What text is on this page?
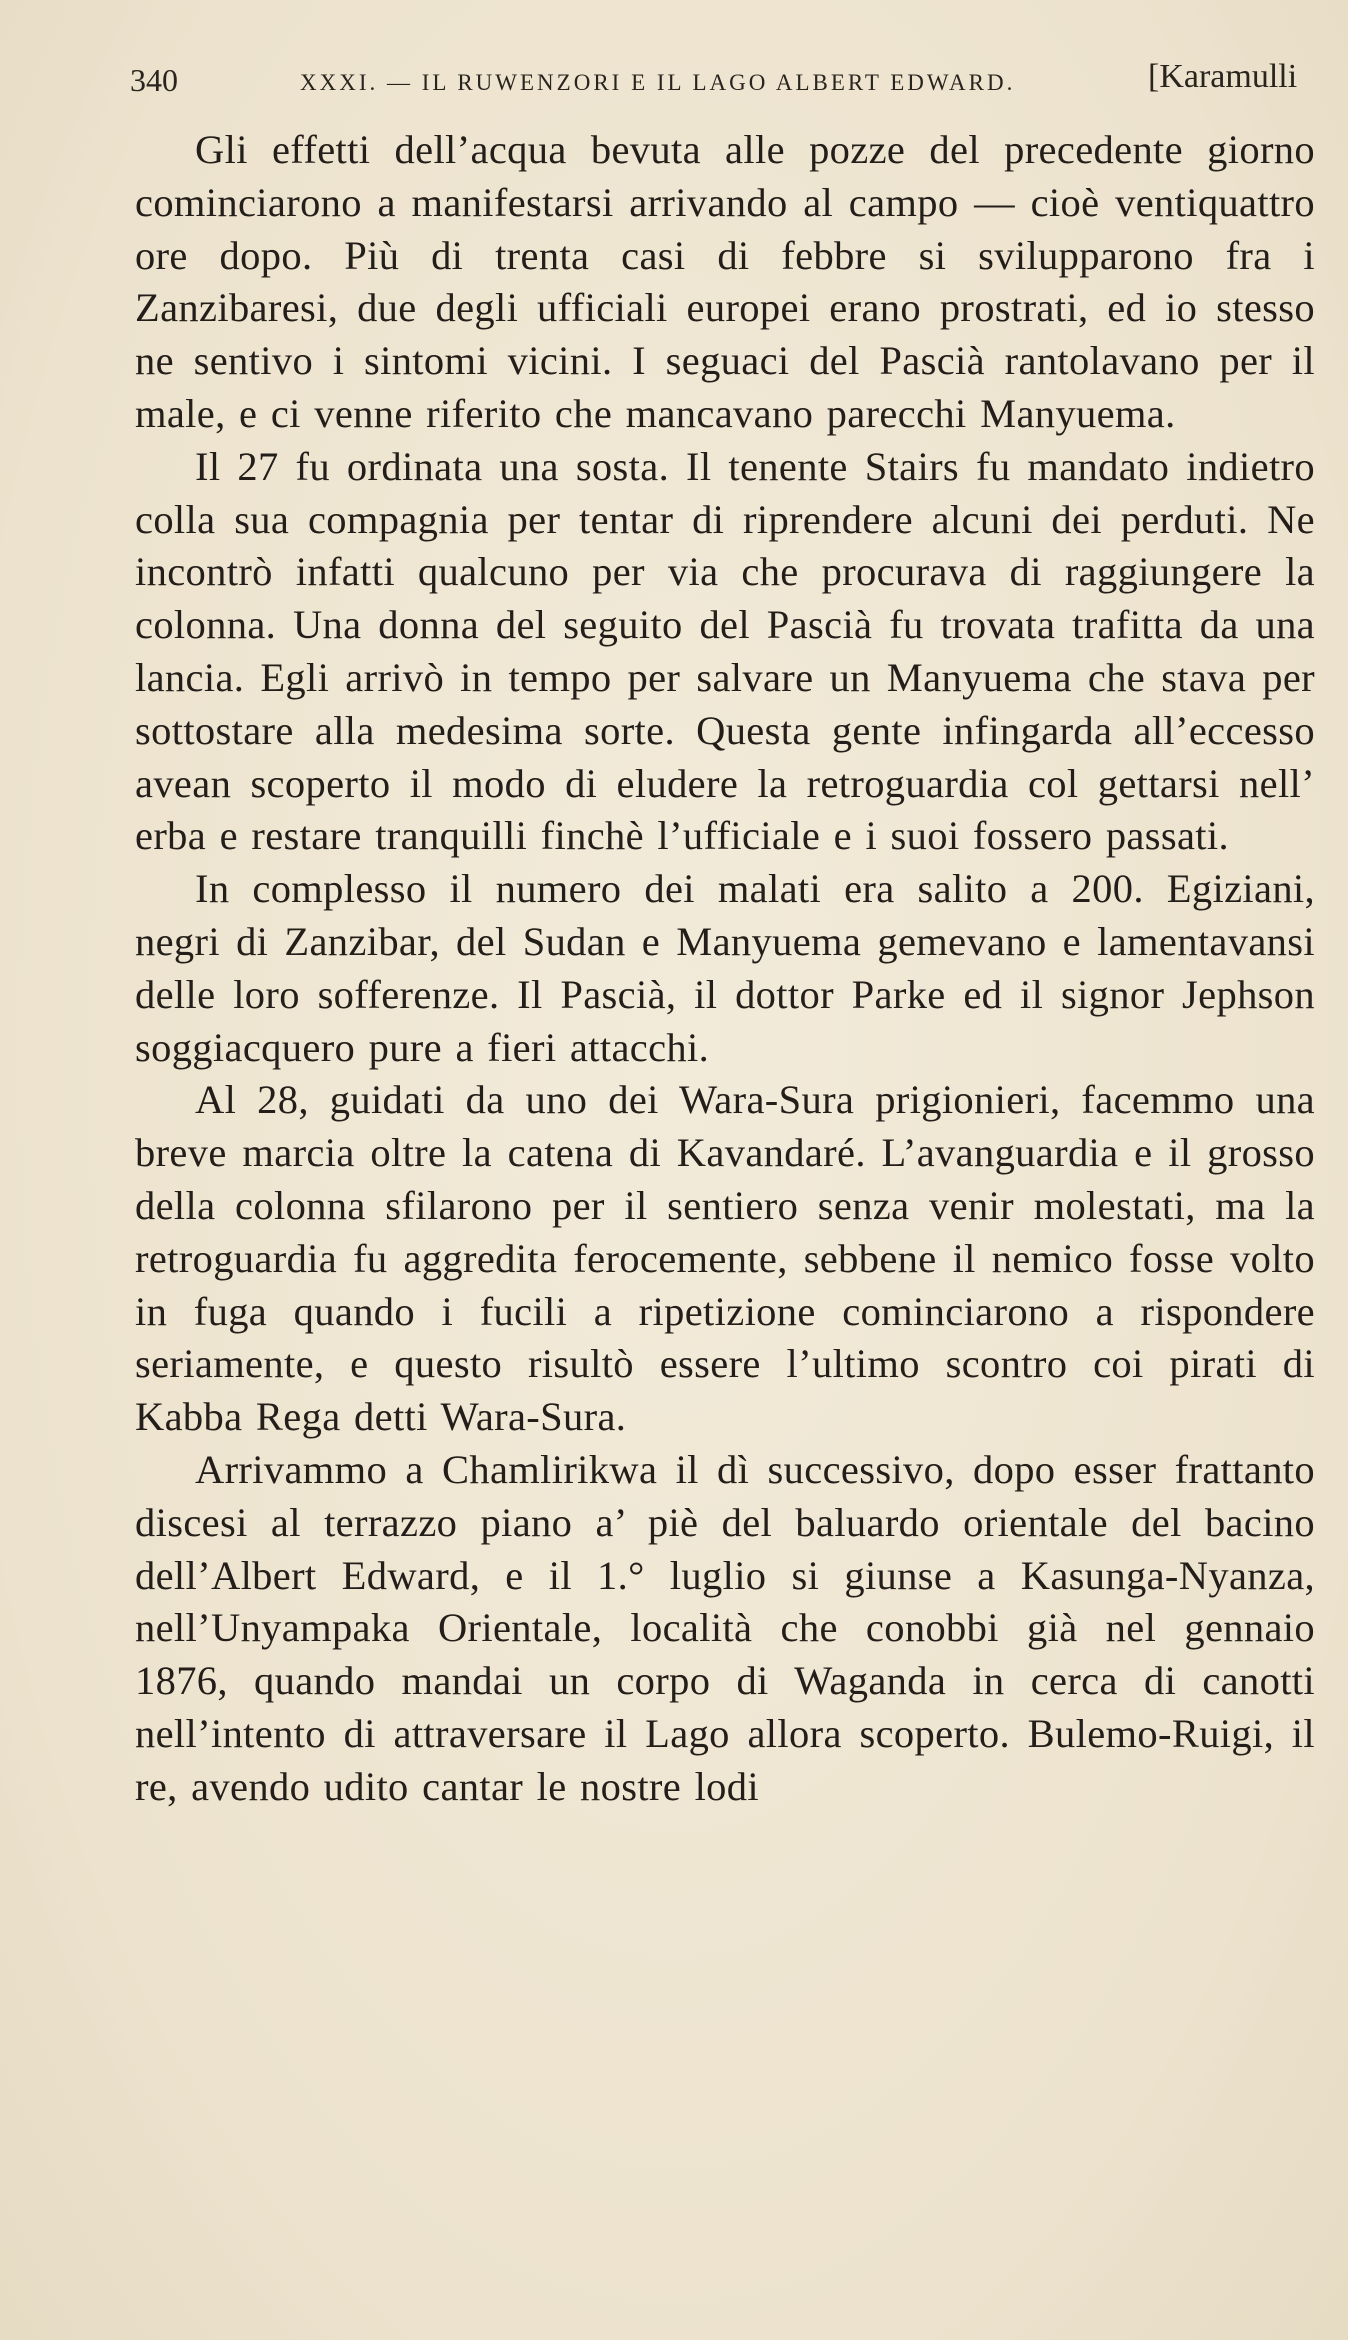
340	XXXI. — IL RUWENZORI E IL LAGO ALBERT EDWARD.	[Karamulli

Gli effetti dell’acqua bevuta alle pozze del precedente giorno cominciarono a manifestarsi arrivando al campo — cioè ventiquattro ore dopo. Più di trenta casi di febbre si svilupparono fra i Zanzibaresi, due degli ufficiali europei erano prostrati, ed io stesso ne sentivo i sintomi vicini. I seguaci del Pascià rantolavano per il male, e ci venne riferito che mancavano parecchi Manyuema.

Il 27 fu ordinata una sosta. Il tenente Stairs fu mandato indietro colla sua compagnia per tentar di riprendere alcuni dei perduti. Ne incontrò infatti qualcuno per via che procurava di raggiungere la colonna. Una donna del seguito del Pascià fu trovata trafitta da una lancia. Egli arrivò in tempo per salvare un Manyuema che stava per sottostare alla medesima sorte. Questa gente infingarda all’eccesso avean scoperto il modo di eludere la retroguardia col gettarsi nell’ erba e restare tranquilli finchè l’ufficiale e i suoi fossero passati.

In complesso il numero dei malati era salito a 200. Egiziani, negri di Zanzibar, del Sudan e Manyuema gemevano e lamentavansi delle loro sofferenze. Il Pascià, il dottor Parke ed il signor Jephson soggiacquero pure a fieri attacchi.

Al 28, guidati da uno dei Wara-Sura prigionieri, facemmo una breve marcia oltre la catena di Kavandaré. L’avanguardia e il grosso della colonna sfilarono per il sentiero senza venir molestati, ma la retroguardia fu aggredita ferocemente, sebbene il nemico fosse volto in fuga quando i fucili a ripetizione cominciarono a rispondere seriamente, e questo risultò essere l’ultimo scontro coi pirati di Kabba Rega detti Wara-Sura.

Arrivammo a Chamlirikwa il dì successivo, dopo esser frattanto discesi al terrazzo piano a’ piè del baluardo orientale del bacino dell’Albert Edward, e il 1.° luglio si giunse a Kasunga-Nyanza, nell’Unyampaka Orientale, località che conobbi già nel gennaio 1876, quando mandai un corpo di Waganda in cerca di canotti nell’intento di attraversare il Lago allora scoperto. Bulemo-Ruigi, il re, avendo udito cantar le nostre lodi
